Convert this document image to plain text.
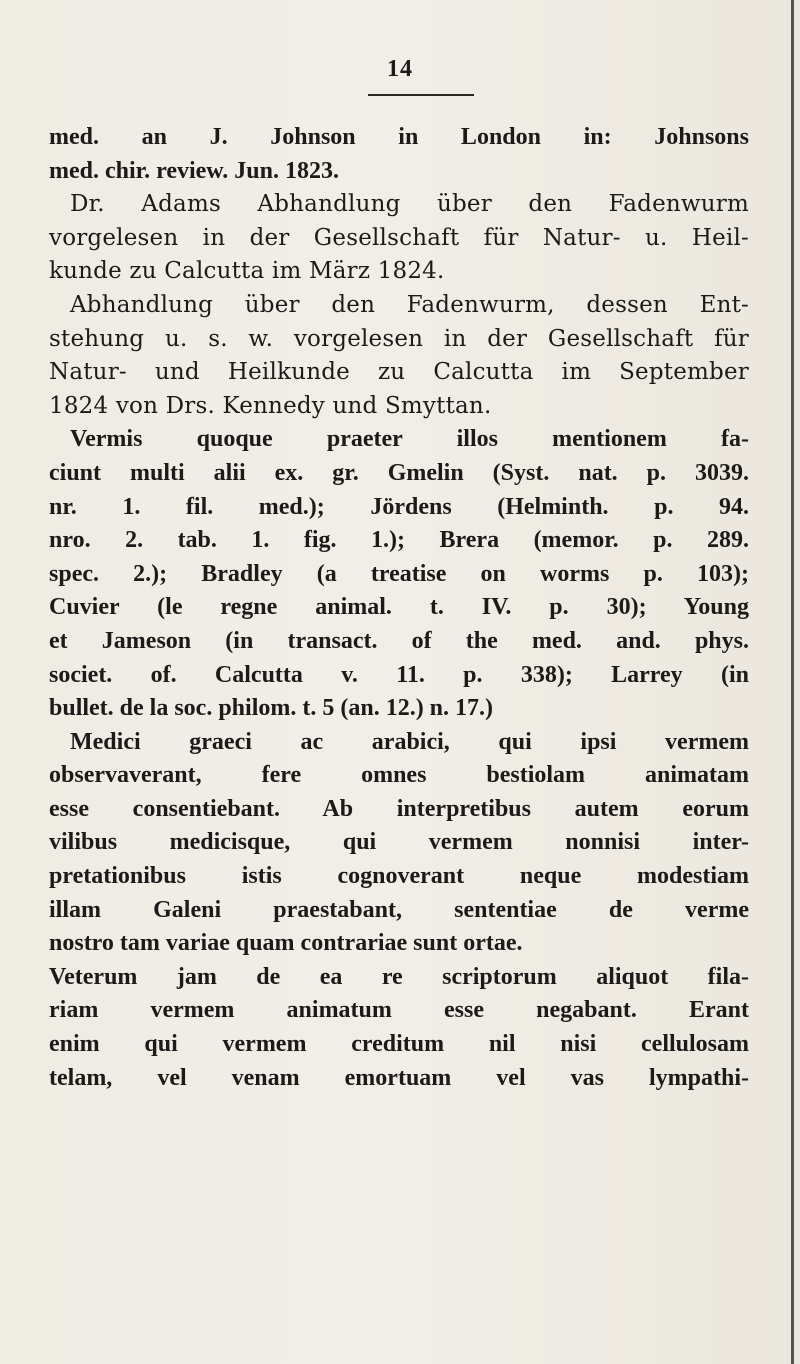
14
med. an J. Johnson in London in: Johnsons
med. chir. review. Jun. 1823.
Dr. Adams Abhandlung über den Fadenwurm
vorgelesen in der Gesellschaft für Natur- u. Heil-
kunde zu Calcutta im März 1824.
Abhandlung über den Fadenwurm, dessen Ent-
stehung u. s. w. vorgelesen in der Gesellschaft für
Natur- und Heilkunde zu Calcutta im September
1824 von Drs. Kennedy und Smyttan.
Vermis quoque praeter illos mentionem fa-
ciunt multi alii ex. gr. Gmelin (Syst. nat. p. 3039.
nr. 1. fil. med.); Jördens (Helminth. p. 94.
nro. 2. tab. 1. fig. 1.); Brera (memor. p. 289.
spec. 2.); Bradley (a treatise on worms p. 103);
Cuvier (le regne animal. t. IV. p. 30); Young
et Jameson (in transact. of the med. and. phys.
societ. of. Calcutta v. 11. p. 338); Larrey (in
bullet. de la soc. philom. t. 5 (an. 12.) n. 17.)
Medici graeci ac arabici, qui ipsi vermem
observaverant, fere omnes bestiolam animatam
esse consentiebant. Ab interpretibus autem eorum
vilibus medicisque, qui vermem nonnisi inter-
pretationibus istis cognoverant neque modestiam
illam Galeni praestabant, sententiae de verme
nostro tam variae quam contrariae sunt ortae.
Veterum jam de ea re scriptorum aliquot fila-
riam vermem animatum esse negabant. Erant
enim qui vermem creditum nil nisi cellulosam
telam, vel venam emortuam vel vas lympathi-
